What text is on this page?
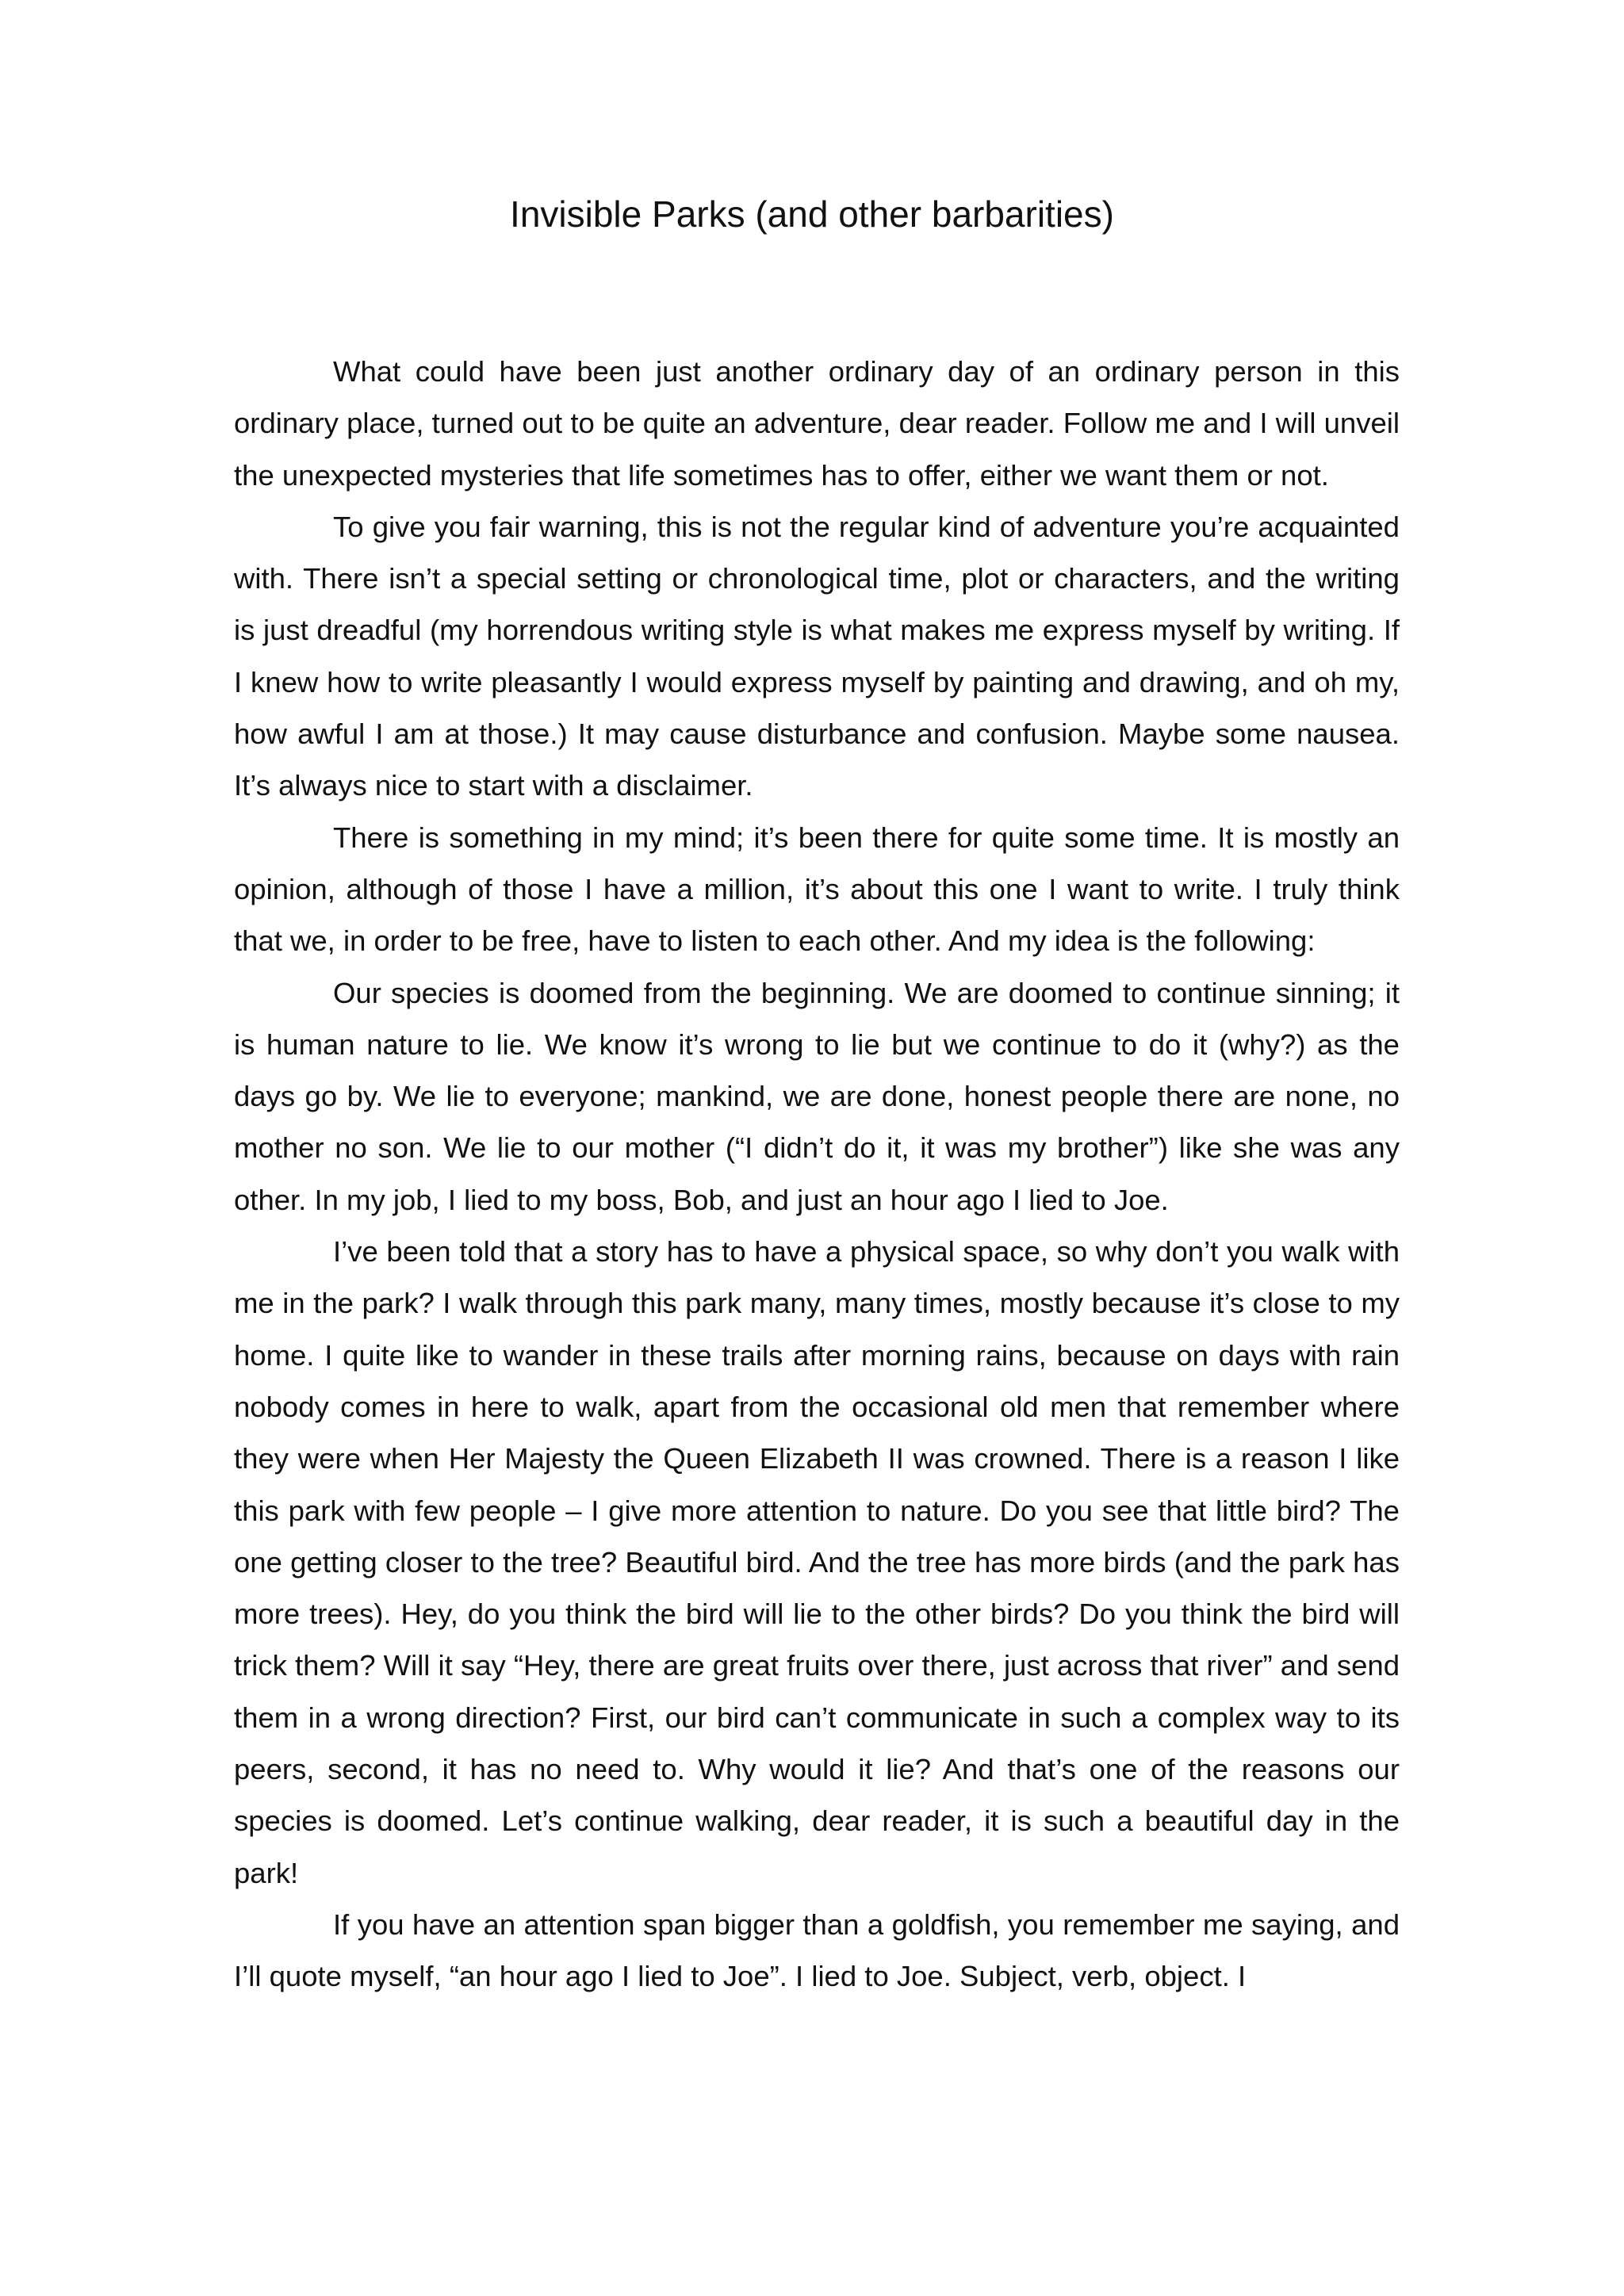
Invisible Parks (and other barbarities)

What could have been just another ordinary day of an ordinary person in this ordinary place, turned out to be quite an adventure, dear reader. Follow me and I will unveil the unexpected mysteries that life sometimes has to offer, either we want them or not.

To give you fair warning, this is not the regular kind of adventure you’re acquainted with. There isn’t a special setting or chronological time, plot or characters, and the writing is just dreadful (my horrendous writing style is what makes me express myself by writing. If I knew how to write pleasantly I would express myself by painting and drawing, and oh my, how awful I am at those.) It may cause disturbance and confusion. Maybe some nausea. It’s always nice to start with a disclaimer.

There is something in my mind; it’s been there for quite some time. It is mostly an opinion, although of those I have a million, it’s about this one I want to write. I truly think that we, in order to be free, have to listen to each other. And my idea is the following:

Our species is doomed from the beginning. We are doomed to continue sinning; it is human nature to lie. We know it’s wrong to lie but we continue to do it (why?) as the days go by. We lie to everyone; mankind, we are done, honest people there are none, no mother no son. We lie to our mother (“I didn’t do it, it was my brother”) like she was any other. In my job, I lied to my boss, Bob, and just an hour ago I lied to Joe.

I’ve been told that a story has to have a physical space, so why don’t you walk with me in the park? I walk through this park many, many times, mostly because it’s close to my home. I quite like to wander in these trails after morning rains, because on days with rain nobody comes in here to walk, apart from the occasional old men that remember where they were when Her Majesty the Queen Elizabeth II was crowned. There is a reason I like this park with few people – I give more attention to nature. Do you see that little bird? The one getting closer to the tree? Beautiful bird. And the tree has more birds (and the park has more trees). Hey, do you think the bird will lie to the other birds? Do you think the bird will trick them? Will it say “Hey, there are great fruits over there, just across that river” and send them in a wrong direction? First, our bird can’t communicate in such a complex way to its peers, second, it has no need to. Why would it lie? And that’s one of the reasons our species is doomed. Let’s continue walking, dear reader, it is such a beautiful day in the park!

If you have an attention span bigger than a goldfish, you remember me saying, and I’ll quote myself, “an hour ago I lied to Joe”. I lied to Joe. Subject, verb, object. I
